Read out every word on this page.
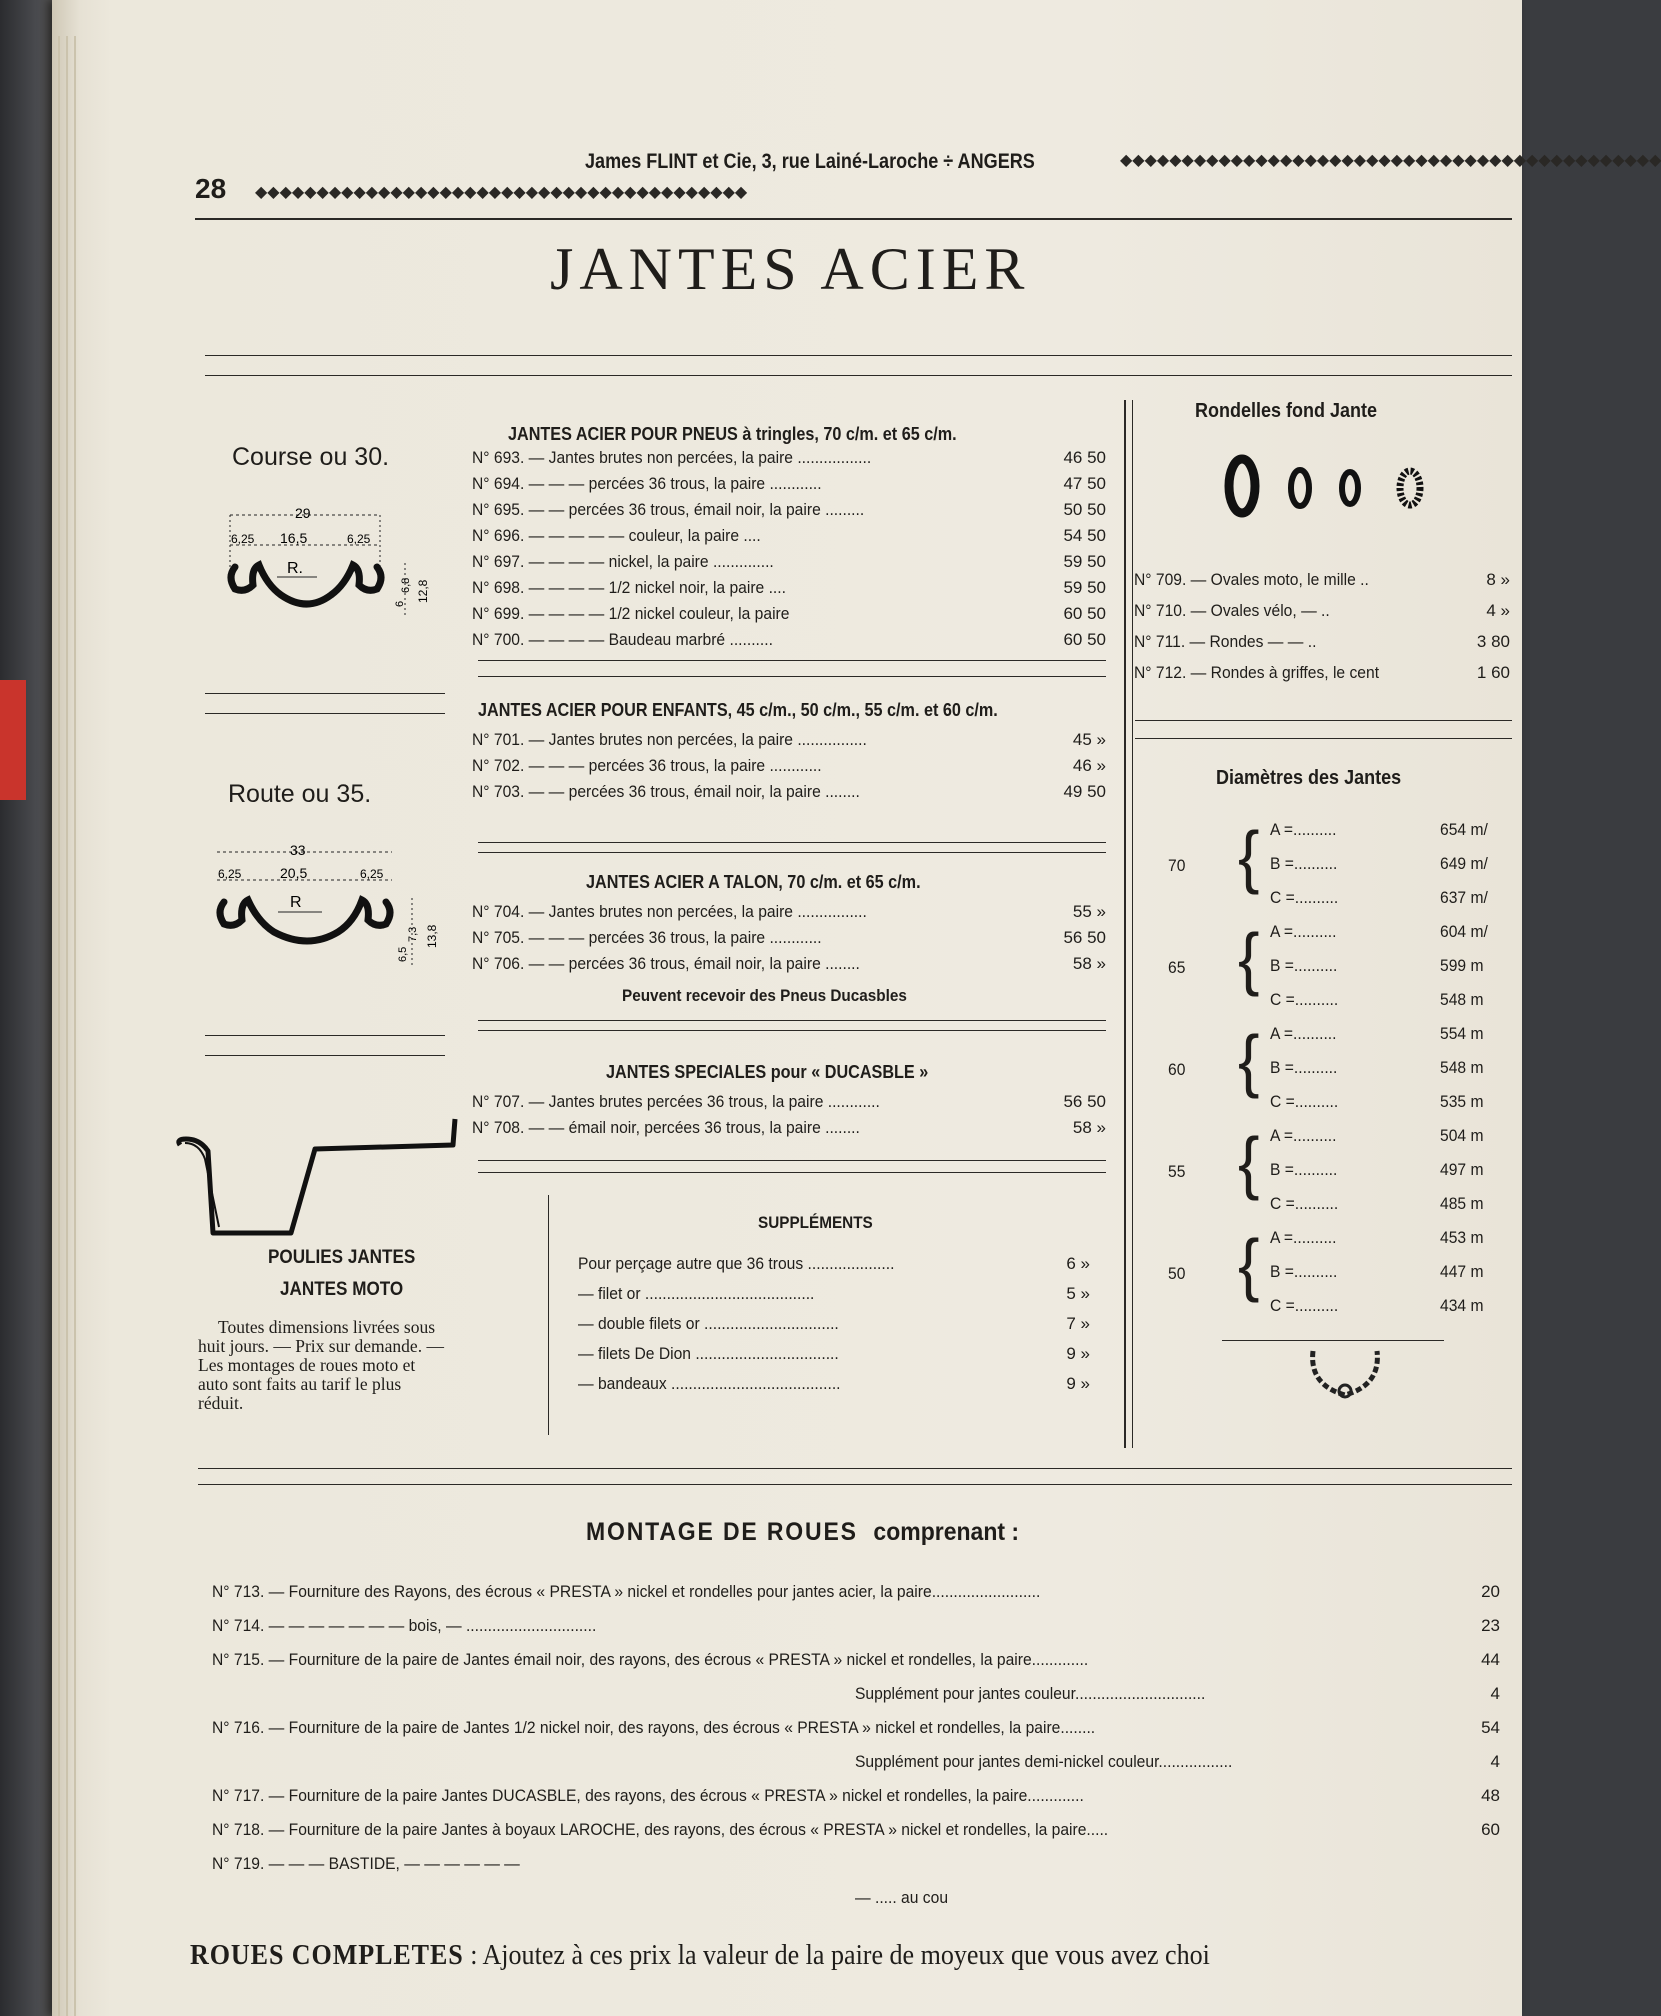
28 ◆◆◆◆◆◆◆◆◆◆◆◆◆◆◆◆◆◆◆◆◆◆◆◆◆◆◆◆◆◆◆◆◆◆◆◆◆◆◆◆
James FLINT et Cie, 3, rue Lainé-Laroche ÷ ANGERS	◆◆◆◆◆◆◆◆◆◆◆◆◆◆◆◆◆◆◆◆◆◆◆◆◆◆◆◆◆◆◆◆◆◆◆◆◆◆◆◆◆◆◆◆
JANTES ACIER
Course ou 30.
29
6,25 16,5	6,25
R.
6
6,8 12,8
Route ou 35.
33
6,25	20,5	6,25
R
6,5
7,3 13,8
POULIES JANTES
JANTES MOTO
Toutes dimensions livrées sous
huit jours. — Prix sur demande. —
Les montages de roues moto et
auto sont faits au tarif le plus
réduit.
JANTES ACIER POUR PNEUS à tringles, 70 c/m. et 65 c/m.
N° 693. — Jantes brutes non percées, la paire .................	46 50
N° 694. — — — percées 36 trous, la paire ............	47 50
N° 695. — — percées 36 trous, émail noir, la paire .........	50 50
N° 696. — — — — — couleur, la paire ....	54 50
N° 697. — — — — nickel, la paire ..............	59 50
N° 698. — — — — 1/2 nickel noir, la paire ....	59 50
N° 699. — — — — 1/2 nickel couleur, la paire	60 50
N° 700. — — — — Baudeau marbré ..........	60 50
JANTES ACIER POUR ENFANTS, 45 c/m., 50 c/m., 55 c/m. et 60 c/m.
N° 701. — Jantes brutes non percées, la paire ................	45 »
N° 702. — — — percées 36 trous, la paire ............	46 »
N° 703. — — percées 36 trous, émail noir, la paire ........	49 50
JANTES ACIER A TALON, 70 c/m. et 65 c/m.
N° 704. — Jantes brutes non percées, la paire ................	55 »
N° 705. — — — percées 36 trous, la paire ............	56 50
N° 706. — — percées 36 trous, émail noir, la paire ........	58 »
Peuvent recevoir des Pneus Ducasbles
JANTES SPECIALES pour « DUCASBLE »
N° 707. — Jantes brutes percées 36 trous, la paire ............	56 50
N° 708. — — émail noir, percées 36 trous, la paire ........	58 »
SUPPLÉMENTS
Pour perçage autre que 36 trous ....................	6 »
— filet or .......................................	5 »
— double filets or ...............................	7 »
— filets De Dion .................................	9 »
— bandeaux .......................................	9 »
Rondelles fond Jante
N° 709. — Ovales moto, le mille ..	8 »
N° 710. — Ovales vélo, — ..	4 »
N° 711. — Rondes — — ..	3 80
N° 712. — Rondes à griffes, le cent	1 60
Diamètres des Jantes
70 { A =..........	654 m/
B =..........	649 m/
C =..........	637 m/
65 { A =..........	604 m/
B =..........	599 m
C =..........	548 m
60 { A =..........	554 m
B =..........	548 m
C =..........	535 m
55 { A =..........	504 m
B =..........	497 m
C =..........	485 m
50 { A =..........	453 m
B =..........	447 m
C =..........	434 m
MONTAGE DE ROUES comprenant :
N° 713. — Fourniture des Rayons, des écrous « PRESTA » nickel et rondelles pour jantes acier, la paire.........................	20
N° 714. — — — — — — — bois, — ..............................	23
N° 715. — Fourniture de la paire de Jantes émail noir, des rayons, des écrous « PRESTA » nickel et rondelles, la paire.............	44
Supplément pour jantes couleur..............................	4
N° 716. — Fourniture de la paire de Jantes 1/2 nickel noir, des rayons, des écrous « PRESTA » nickel et rondelles, la paire........	54
Supplément pour jantes demi-nickel couleur.................	4
N° 717. — Fourniture de la paire Jantes DUCASBLE, des rayons, des écrous « PRESTA » nickel et rondelles, la paire.............	48
N° 718. — Fourniture de la paire Jantes à boyaux LAROCHE, des rayons, des écrous « PRESTA » nickel et rondelles, la paire.....	60
N° 719. — — — BASTIDE, — — — — — —
— ..... au cou
ROUES COMPLETES : Ajoutez à ces prix la valeur de la paire de moyeux que vous avez choi
